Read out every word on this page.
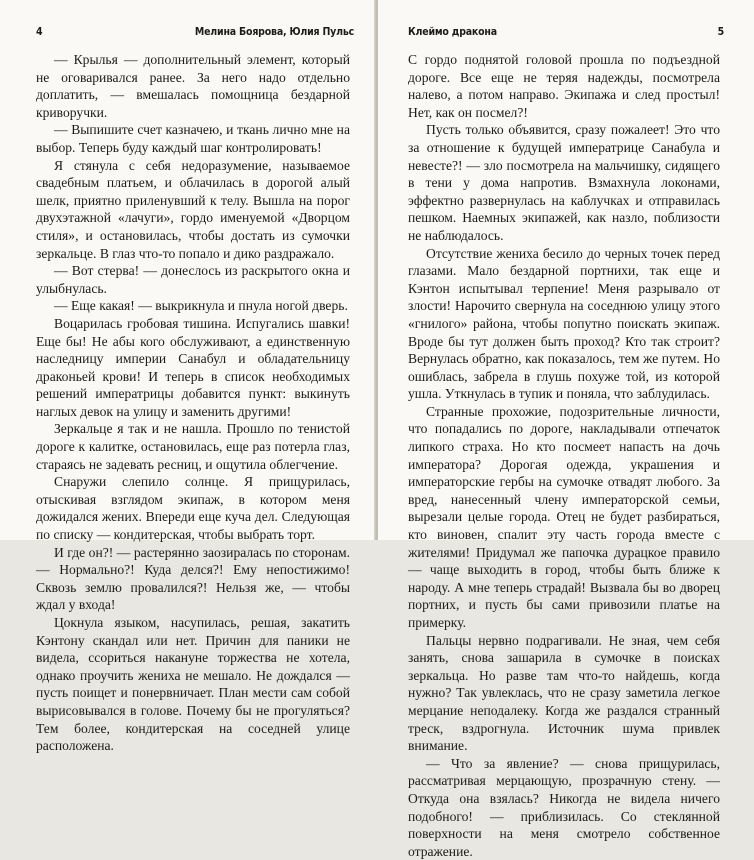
4	Мелина Боярова, Юлия Пульс

— Крылья — дополнительный элемент, который не оговаривался ранее. За него надо отдельно доплатить, — вмешалась помощница бездарной криворучки.

— Выпишите счет казначею, и ткань лично мне на выбор. Теперь буду каждый шаг контролировать!

Я стянула с себя недоразумение, называемое свадебным платьем, и облачилась в дорогой алый шелк, приятно приленувший к телу. Вышла на порог двухэтажной «лачуги», гордо именуемой «Дворцом стиля», и остановилась, чтобы достать из сумочки зеркальце. В глаз что-то попало и дико раздражало.

— Вот стерва! — донеслось из раскрытого окна и улыбнулась.

— Еще какая! — выкрикнула и пнула ногой дверь.

Воцарилась гробовая тишина. Испугались шавки! Еще бы! Не абы кого обслуживают, а единственную наследницу империи Санабул и обладательницу драконьей крови! И теперь в список необходимых решений императрицы добавится пункт: выкинуть наглых девок на улицу и заменить другими!

Зеркальце я так и не нашла. Прошло по тенистой дороге к калитке, остановилась, еще раз потерла глаз, стараясь не задевать ресниц, и ощутила облегчение.

Снаружи слепило солнце. Я прищурилась, отыскивая взглядом экипаж, в котором меня дожидался жених. Впереди еще куча дел. Следующая по списку — кондитерская, чтобы выбрать торт.

И где он?! — растерянно заозиралась по сторонам. — Нормально?! Куда делся?! Ему непостижимо! Сквозь землю провалился?! Нельзя же, — чтобы ждал у входа!

Цокнула языком, насупилась, решая, закатить Кэнтону скандал или нет. Причин для паники не видела, ссориться накануне торжества не хотела, однако проучить жениха не мешало. Не дождался — пусть поищет и понервничает. План мести сам собой вырисовывался в голове. Почему бы не прогуляться? Тем более, кондитерская на соседней улице расположена.

Клеймо дракона	5

С гордо поднятой головой прошла по подъездной дороге. Все еще не теряя надежды, посмотрела налево, а потом направо. Экипажа и след простыл! Нет, как он посмел?!

Пусть только объявится, сразу пожалеет! Это что за отношение к будущей императрице Санабула и невесте?! — зло посмотрела на мальчишку, сидящего в тени у дома напротив. Взмахнула локонами, эффектно развернулась на каблучках и отправилась пешком. Наемных экипажей, как назло, поблизости не наблюдалось.

Отсутствие жениха бесило до черных точек перед глазами. Мало бездарной портнихи, так еще и Кэнтон испытывал терпение! Меня разрывало от злости! Нарочито свернула на соседнюю улицу этого «гнилого» района, чтобы попутно поискать экипаж. Вроде бы тут должен быть проход? Кто так строит? Вернулась обратно, как показалось, тем же путем. Но ошиблась, забрела в глушь похуже той, из которой ушла. Уткнулась в тупик и поняла, что заблудилась.

Странные прохожие, подозрительные личности, что попадались по дороге, накладывали отпечаток липкого страха. Но кто посмеет напасть на дочь императора? Дорогая одежда, украшения и императорские гербы на сумочке отвадят любого. За вред, нанесенный члену императорской семьи, вырезали целые города. Отец не будет разбираться, кто виновен, спалит эту часть города вместе с жителями! Придумал же папочка дурацкое правило — чаще выходить в город, чтобы быть ближе к народу. А мне теперь страдай! Вызвала бы во дворец портних, и пусть бы сами привозили платье на примерку.

Пальцы нервно подрагивали. Не зная, чем себя занять, снова зашарила в сумочке в поисках зеркальца. Но разве там что-то найдешь, когда нужно? Так увлеклась, что не сразу заметила легкое мерцание неподалеку. Когда же раздался странный треск, вздрогнула. Источник шума привлек внимание.

— Что за явление? — снова прищурилась, рассматривая мерцающую, прозрачную стену. — Откуда она взялась? Никогда не видела ничего подобного! — приблизилась. Со стеклянной поверхности на меня смотрело собственное отражение.
